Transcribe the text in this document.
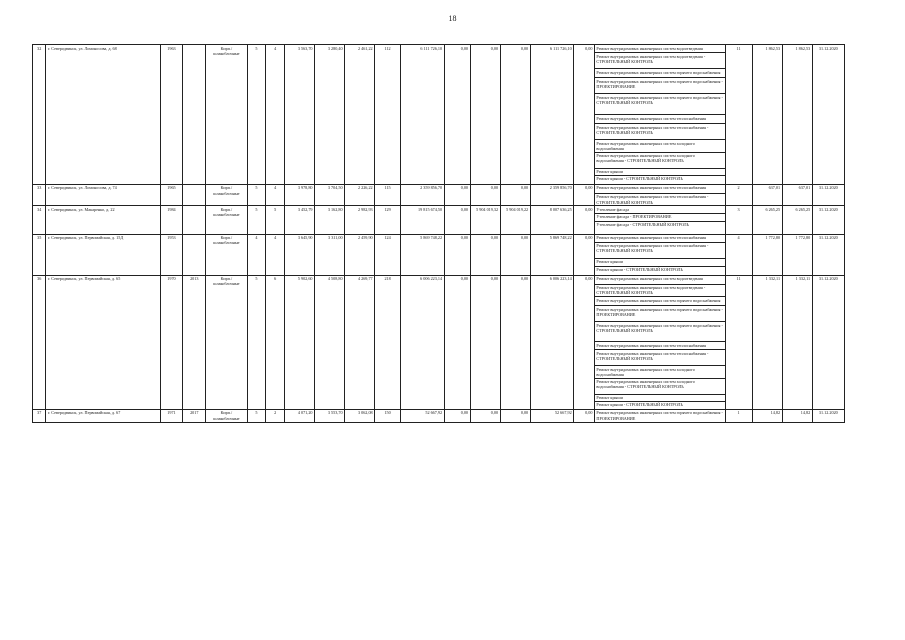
18
32	г. Северодвинск, ул. Ломоносова, д. 68	1963		Кирп./шлакоблочные	5	4	3 563,70	3 280,40	2 461,22	112	6 111 726,10	0,00	0,00	0,00	6 111 726,10	0,00	Ремонт внутридомовых инженерных систем водоотведения	11	1 862,53	1 862,53	31.12.2020
																	Ремонт внутридомовых инженерных систем водоотведения - СТРОИТЕЛЬНЫЙ КОНТРОЛЬ				
																	Ремонт внутридомовых инженерных систем горячего водоснабжения				
																	Ремонт внутридомовых инженерных систем горячего водоснабжения - ПРОЕКТИРОВАНИЕ				
																	Ремонт внутридомовых инженерных систем горячего водоснабжения - СТРОИТЕЛЬНЫЙ КОНТРОЛЬ				
																	Ремонт внутридомовых инженерных систем теплоснабжения				
																	Ремонт внутридомовых инженерных систем теплоснабжения - СТРОИТЕЛЬНЫЙ КОНТРОЛЬ				
																	Ремонт внутридомовых инженерных систем холодного водоснабжения				
																	Ремонт внутридомовых инженерных систем холодного водоснабжения - СТРОИТЕЛЬНЫЙ КОНТРОЛЬ				
																	Ремонт крыши				
																	Ремонт крыши - СТРОИТЕЛЬНЫЙ КОНТРОЛЬ				
33	г. Северодвинск, ул. Ломоносова, д. 74	1965		Кирп./шлакоблочные	5	4	3 978,80	3 704,50	2 226,22	115	2 359 856,70	0,00	0,00	0,00	2 359 856,70	0,00	Ремонт внутридомовых инженерных систем теплоснабжения	2	637,01	637,01	31.12.2020
																	Ремонт внутридомовых инженерных систем теплоснабжения - СТРОИТЕЛЬНЫЙ КОНТРОЛЬ				
34	г. Северодвинск, ул. Макаренко, д. 22	1984		Кирп./шлакоблочные	5	5	3 452,79	3 162,80	2 982,93	129	19 815 674,50	0,00	5 904 019,32	5 904 019,22	8 007 636,25	0,00	Утепление фасада	3	6 265,25	6 265,25	31.12.2020
																	Утепление фасада - ПРОЕКТИРОВАНИЕ				
																	Утепление фасада - СТРОИТЕЛЬНЫЙ КОНТРОЛЬ				
35	г. Северодвинск, ул. Первомайская, д. 15Д	1953		Кирп./шлакоблочные	4	4	3 645,90	3 311,00	2 459,90	124	5 869 748,22	0,00	0,00	0,00	5 869 748,22	0,00	Ремонт внутридомовых инженерных систем теплоснабжения	4	1 772,80	1 772,80	31.12.2020
																	Ремонт внутридомовых инженерных систем теплоснабжения - СТРОИТЕЛЬНЫЙ КОНТРОЛЬ				
																	Ремонт крыши				
																	Ремонт крыши - СТРОИТЕЛЬНЫЙ КОНТРОЛЬ				
36	г. Северодвинск, ул. Первомайская, д. 65	1970	2013	Кирп./шлакоблочные	5	6	5 902,60	4 508,80	4 269,77	218	6 006 223,14	0,00	0,00	0,00	6 006 223,14	0,00	Ремонт внутридомовых инженерных систем водоотведения	11	1 332,11	1 332,11	31.12.2020
																	Ремонт внутридомовых инженерных систем водоотведения - СТРОИТЕЛЬНЫЙ КОНТРОЛЬ				
																	Ремонт внутридомовых инженерных систем горячего водоснабжения				
																	Ремонт внутридомовых инженерных систем горячего водоснабжения - ПРОЕКТИРОВАНИЕ				
																	Ремонт внутридомовых инженерных систем горячего водоснабжения - СТРОИТЕЛЬНЫЙ КОНТРОЛЬ				
																	Ремонт внутридомовых инженерных систем теплоснабжения				
																	Ремонт внутридомовых инженерных систем теплоснабжения - СТРОИТЕЛЬНЫЙ КОНТРОЛЬ				
																	Ремонт внутридомовых инженерных систем холодного водоснабжения				
																	Ремонт внутридомовых инженерных систем холодного водоснабжения - СТРОИТЕЛЬНЫЙ КОНТРОЛЬ				
																	Ремонт крыши				
																	Ремонт крыши - СТРОИТЕЛЬНЫЙ КОНТРОЛЬ				
37	г. Северодвинск, ул. Первомайская, д. 67	1971	2017	Кирп./шлакоблочные	5	2	4 071,20	3 553,70	3 062,08	150	52 667,92	0,00	0,00	0,00	52 667,92	0,00	Ремонт внутридомовых инженерных систем горячего водоснабжения - ПРОЕКТИРОВАНИЕ	1	14,82	14,82	31.12.2020
